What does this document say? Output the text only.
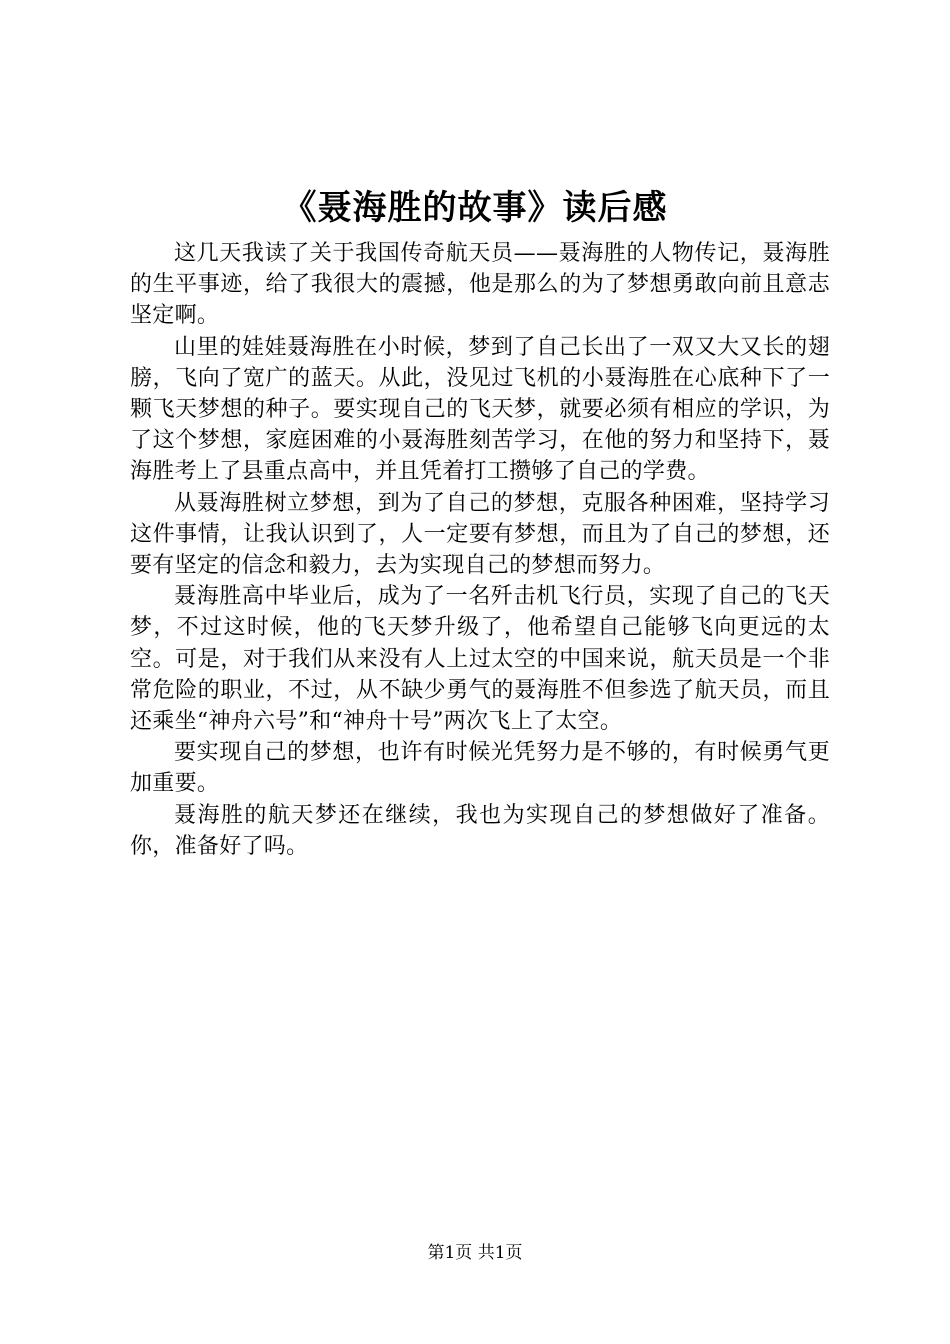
《聂海胜的故事》读后感

这几天我读了关于我国传奇航天员——聂海胜的人物传记，聂海胜的生平事迹，给了我很大的震撼，他是那么的为了梦想勇敢向前且意志坚定啊。

山里的娃娃聂海胜在小时候，梦到了自己长出了一双又大又长的翅膀，飞向了宽广的蓝天。从此，没见过飞机的小聂海胜在心底种下了一颗飞天梦想的种子。要实现自己的飞天梦，就要必须有相应的学识，为了这个梦想，家庭困难的小聂海胜刻苦学习，在他的努力和坚持下，聂海胜考上了县重点高中，并且凭着打工攒够了自己的学费。

从聂海胜树立梦想，到为了自己的梦想，克服各种困难，坚持学习这件事情，让我认识到了，人一定要有梦想，而且为了自己的梦想，还要有坚定的信念和毅力，去为实现自己的梦想而努力。

聂海胜高中毕业后，成为了一名歼击机飞行员，实现了自己的飞天梦，不过这时候，他的飞天梦升级了，他希望自己能够飞向更远的太空。可是，对于我们从来没有人上过太空的中国来说，航天员是一个非常危险的职业，不过，从不缺少勇气的聂海胜不但参选了航天员，而且还乘坐“神舟六号”和“神舟十号”两次飞上了太空。

要实现自己的梦想，也许有时候光凭努力是不够的，有时候勇气更加重要。

聂海胜的航天梦还在继续，我也为实现自己的梦想做好了准备。你，准备好了吗。

第1页 共1页
